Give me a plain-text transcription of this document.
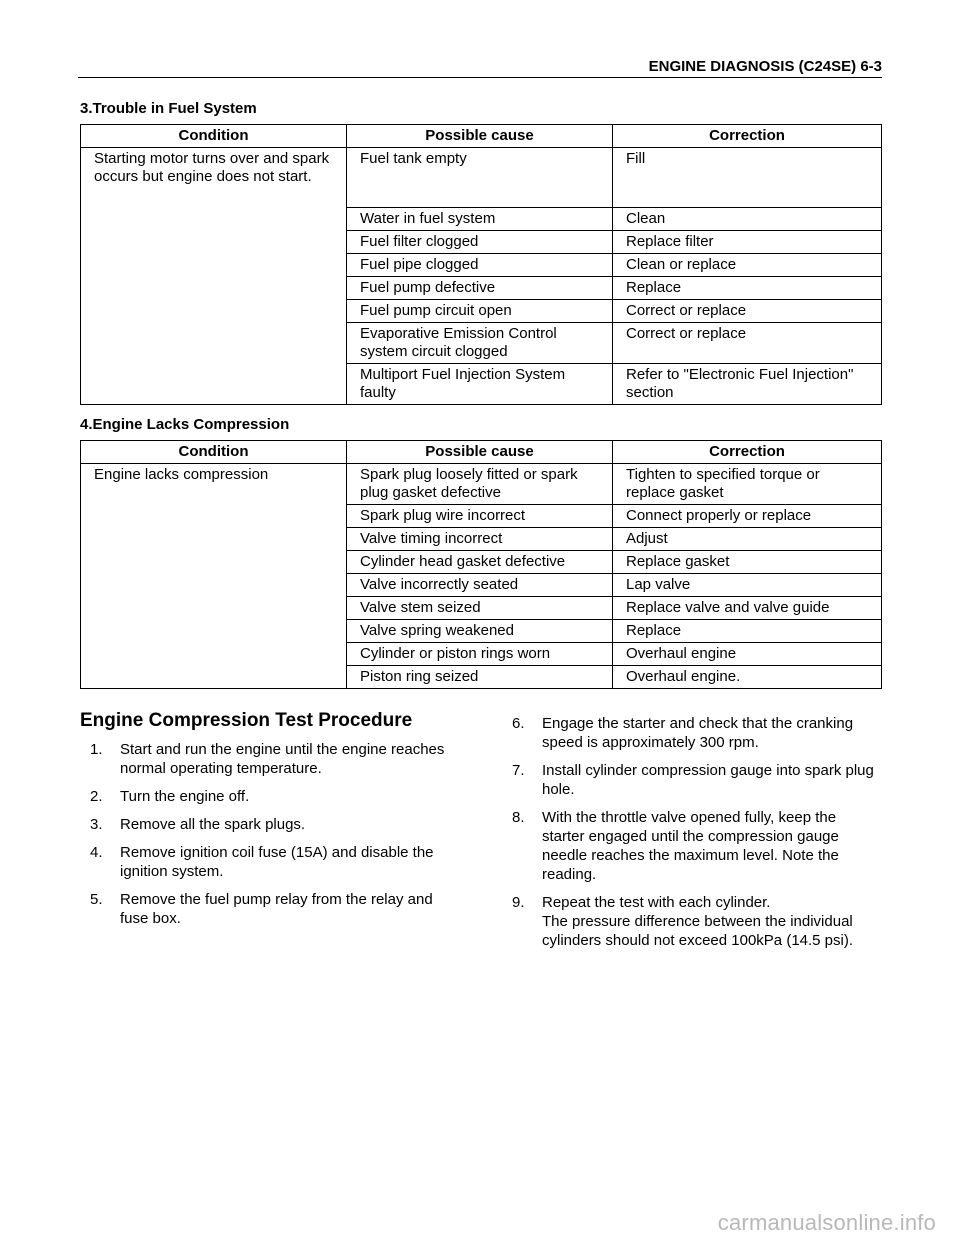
ENGINE DIAGNOSIS (C24SE) 6-3
3.Trouble in Fuel System
Condition	Possible cause	Correction
Starting motor turns over and spark occurs but engine does not start.	Fuel tank empty	Fill
	Water in fuel system	Clean
	Fuel filter clogged	Replace filter
	Fuel pipe clogged	Clean or replace
	Fuel pump defective	Replace
	Fuel pump circuit open	Correct or replace
	Evaporative Emission Control system circuit clogged	Correct or replace
	Multiport Fuel Injection System faulty	Refer to "Electronic Fuel Injection" section
4.Engine Lacks Compression
Condition	Possible cause	Correction
Engine lacks compression	Spark plug loosely fitted or spark plug gasket defective	Tighten to specified torque or replace gasket
	Spark plug wire incorrect	Connect properly or replace
	Valve timing incorrect	Adjust
	Cylinder head gasket defective	Replace gasket
	Valve incorrectly seated	Lap valve
	Valve stem seized	Replace valve and valve guide
	Valve spring weakened	Replace
	Cylinder or piston rings worn	Overhaul engine
	Piston ring seized	Overhaul engine.
Engine Compression Test Procedure
1. Start and run the engine until the engine reaches normal operating temperature.
2. Turn the engine off.
3. Remove all the spark plugs.
4. Remove ignition coil fuse (15A) and disable the ignition system.
5. Remove the fuel pump relay from the relay and fuse box.
6. Engage the starter and check that the cranking speed is approximately 300 rpm.
7. Install cylinder compression gauge into spark plug hole.
8. With the throttle valve opened fully, keep the starter engaged until the compression gauge needle reaches the maximum level. Note the reading.
9. Repeat the test with each cylinder.
The pressure difference between the individual cylinders should not exceed 100kPa (14.5 psi).
carmanualsonline.info
